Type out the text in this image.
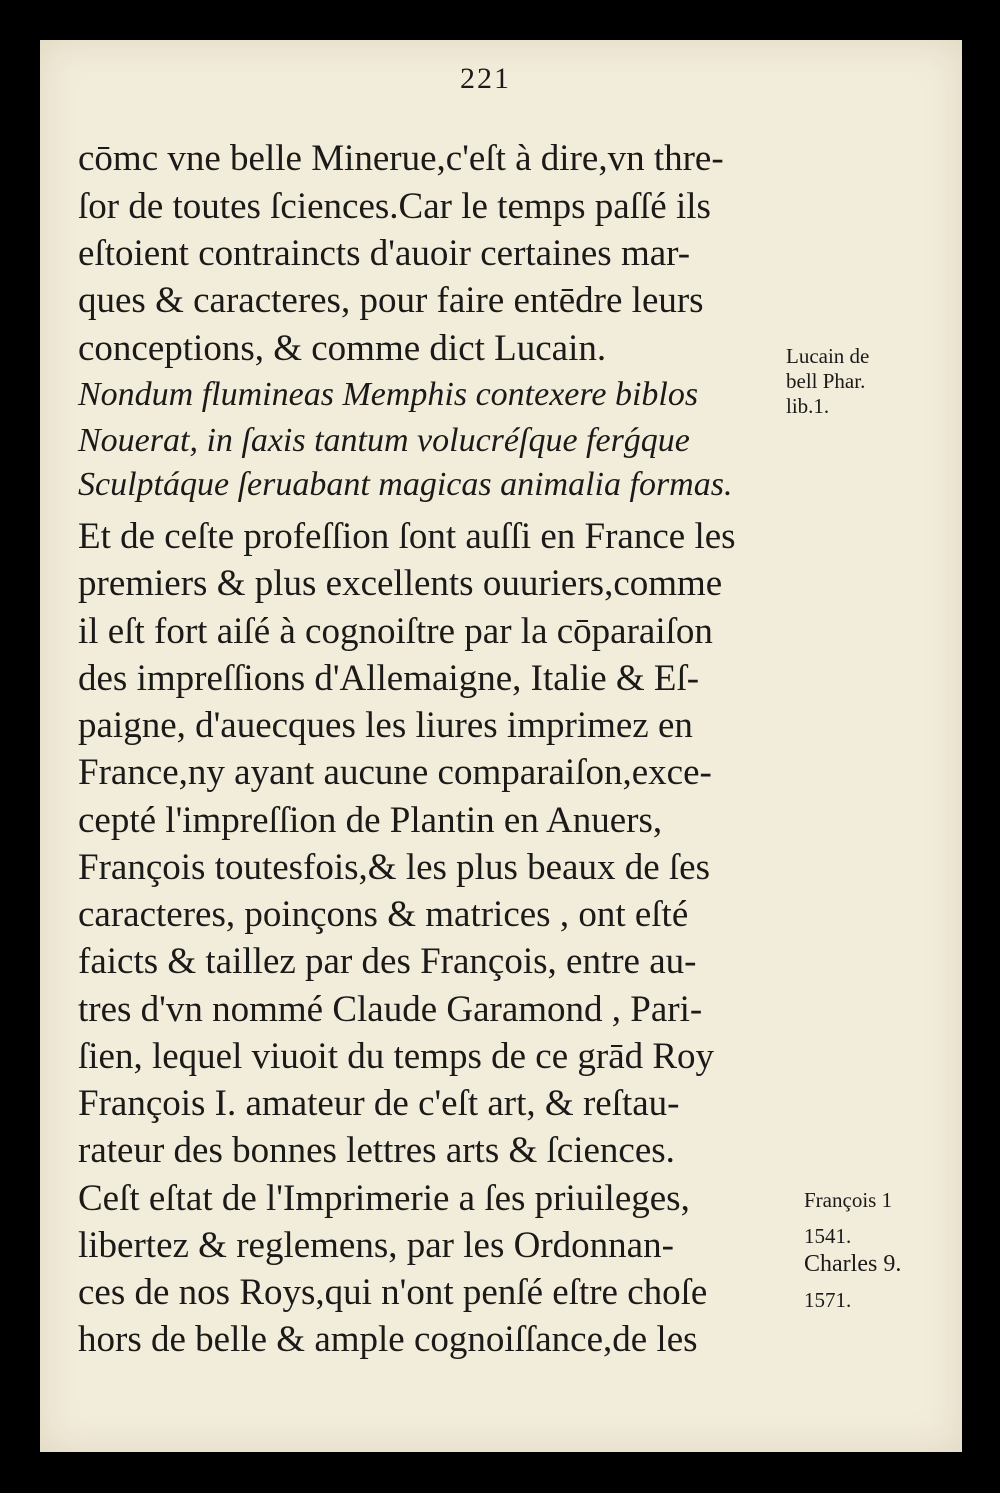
221
cōmc vne belle Minerue,c'eſt à dire,vn thre-
ſor de toutes ſciences.Car le temps paſſé ils
eſtoient contraincts d'auoir certaines mar-
ques & caracteres, pour faire entēdre leurs
conceptions, & comme dict Lucain.
Nondum flumineas Memphis contexere biblos
Nouerat, in ſaxis tantum volucréſque ferǵque
Sculptáque ſeruabant magicas animalia formas.
Et de ceſte profeſſion ſont auſſi en France les
premiers & plus excellents ouuriers,comme
il eſt fort aiſé à cognoiſtre par la cōparaiſon
des impreſſions d'Allemaigne, Italie & Eſ-
paigne, d'auecques les liures imprimez en
France,ny ayant aucune comparaiſon,exce-
cepté l'impreſſion de Plantin en Anuers,
François toutesfois,& les plus beaux de ſes
caracteres, poinçons & matrices , ont eſté
faicts & taillez par des François, entre au-
tres d'vn nommé Claude Garamond , Pari-
ſien, lequel viuoit du temps de ce grād Roy
François I. amateur de c'eſt art, & reſtau-
rateur des bonnes lettres arts & ſciences.
Ceſt eſtat de l'Imprimerie a ſes priuileges,
libertez & reglemens, par les Ordonnan-
ces de nos Roys,qui n'ont penſé eſtre choſe
hors de belle & ample cognoiſſance,de les
Lucain de
bell Phar.
lib.1.
François 1
1541.
Charles 9.
1571.
